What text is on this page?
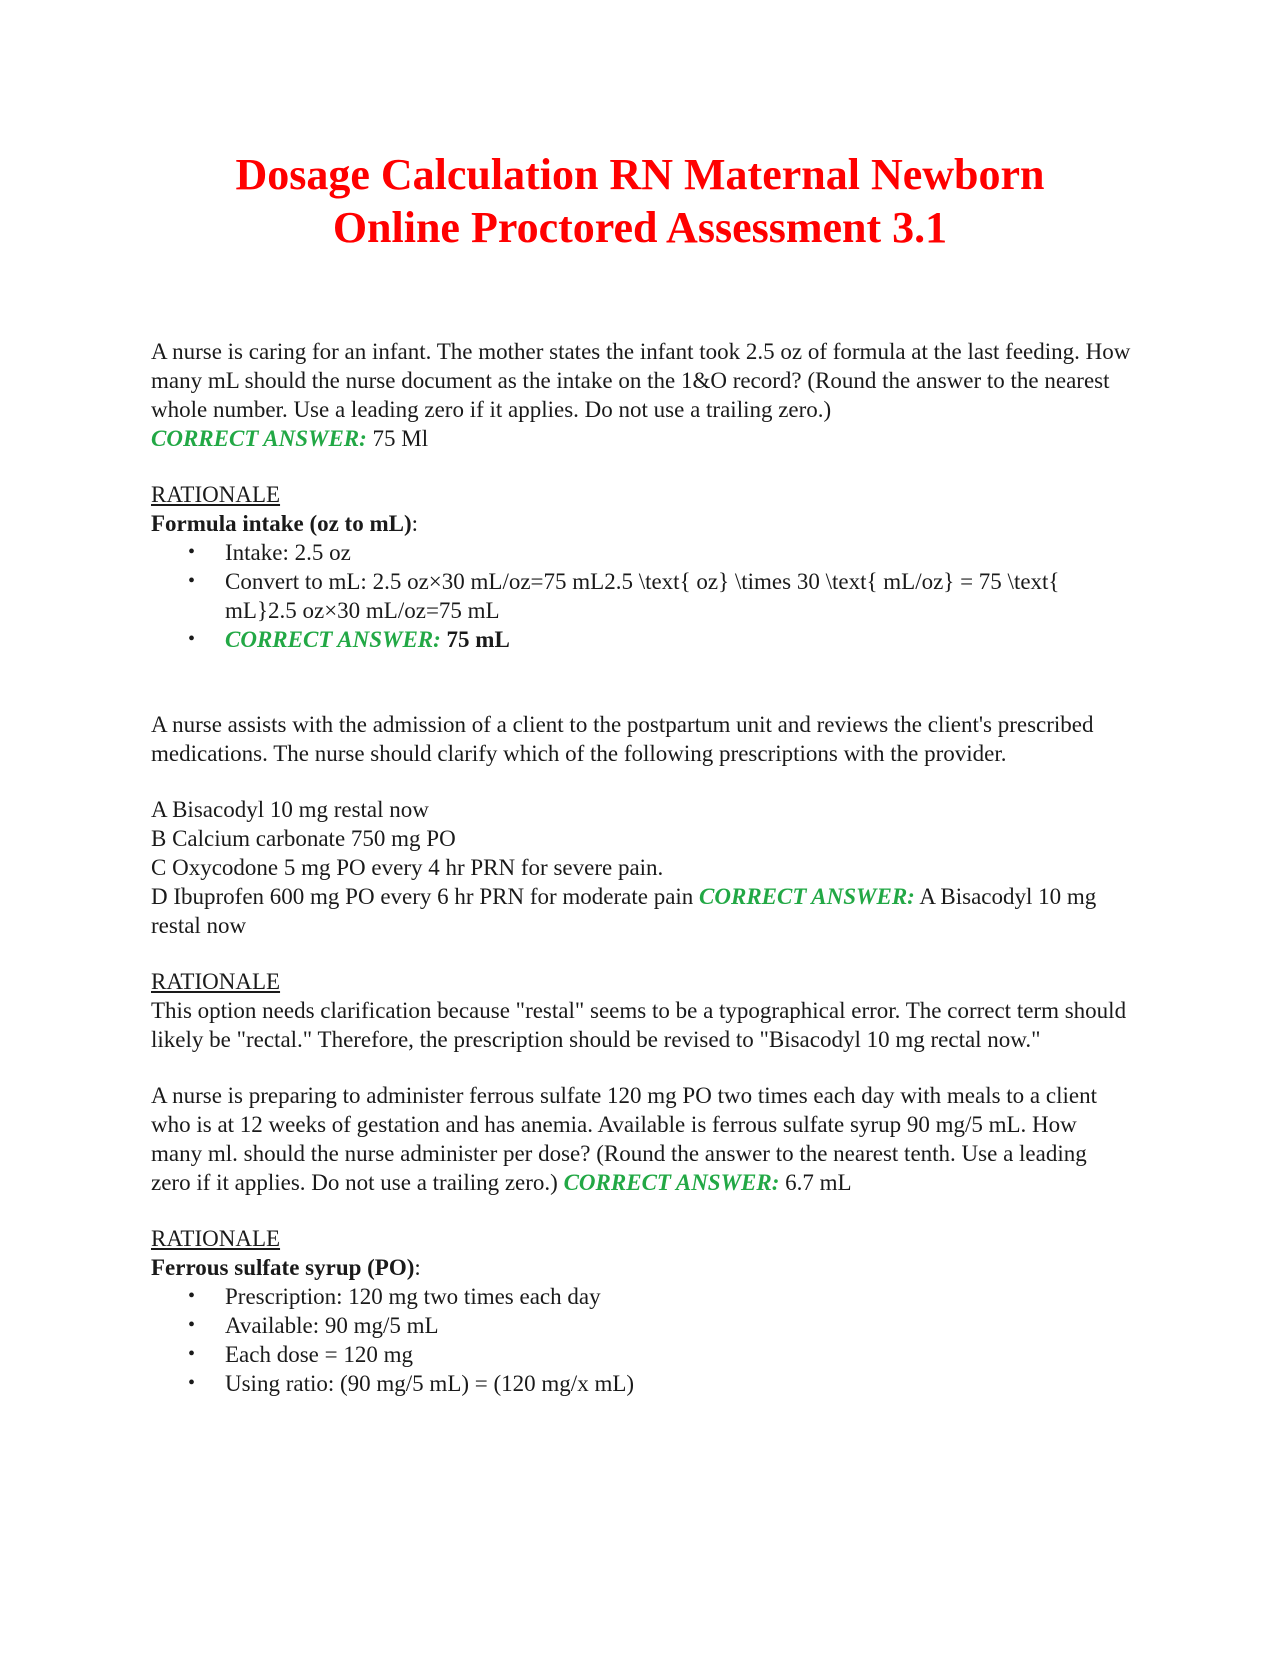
Dosage Calculation RN Maternal Newborn
Online Proctored Assessment 3.1

A nurse is caring for an infant. The mother states the infant took 2.5 oz of formula at the last feeding. How many mL should the nurse document as the intake on the 1&O record? (Round the answer to the nearest whole number. Use a leading zero if it applies. Do not use a trailing zero.)
CORRECT ANSWER: 75 Ml

RATIONALE

Formula intake (oz to mL):

• Intake: 2.5 oz
• Convert to mL: 2.5 oz×30 mL/oz=75 mL2.5 \text{ oz} \times 30 \text{ mL/oz} = 75 \text{ mL}2.5 oz×30 mL/oz=75 mL
• CORRECT ANSWER: 75 mL

A nurse assists with the admission of a client to the postpartum unit and reviews the client's prescribed medications. The nurse should clarify which of the following prescriptions with the provider.

A Bisacodyl 10 mg restal now

B Calcium carbonate 750 mg PO

C Oxycodone 5 mg PO every 4 hr PRN for severe pain.

D Ibuprofen 600 mg PO every 6 hr PRN for moderate pain CORRECT ANSWER: A Bisacodyl 10 mg restal now

RATIONALE

This option needs clarification because "restal" seems to be a typographical error. The correct term should likely be "rectal." Therefore, the prescription should be revised to "Bisacodyl 10 mg rectal now."

A nurse is preparing to administer ferrous sulfate 120 mg PO two times each day with meals to a client who is at 12 weeks of gestation and has anemia. Available is ferrous sulfate syrup 90 mg/5 mL. How many ml. should the nurse administer per dose? (Round the answer to the nearest tenth. Use a leading zero if it applies. Do not use a trailing zero.) CORRECT ANSWER: 6.7 mL

RATIONALE

Ferrous sulfate syrup (PO):

• Prescription: 120 mg two times each day
• Available: 90 mg/5 mL
• Each dose = 120 mg
• Using ratio: (90 mg/5 mL) = (120 mg/x mL)
